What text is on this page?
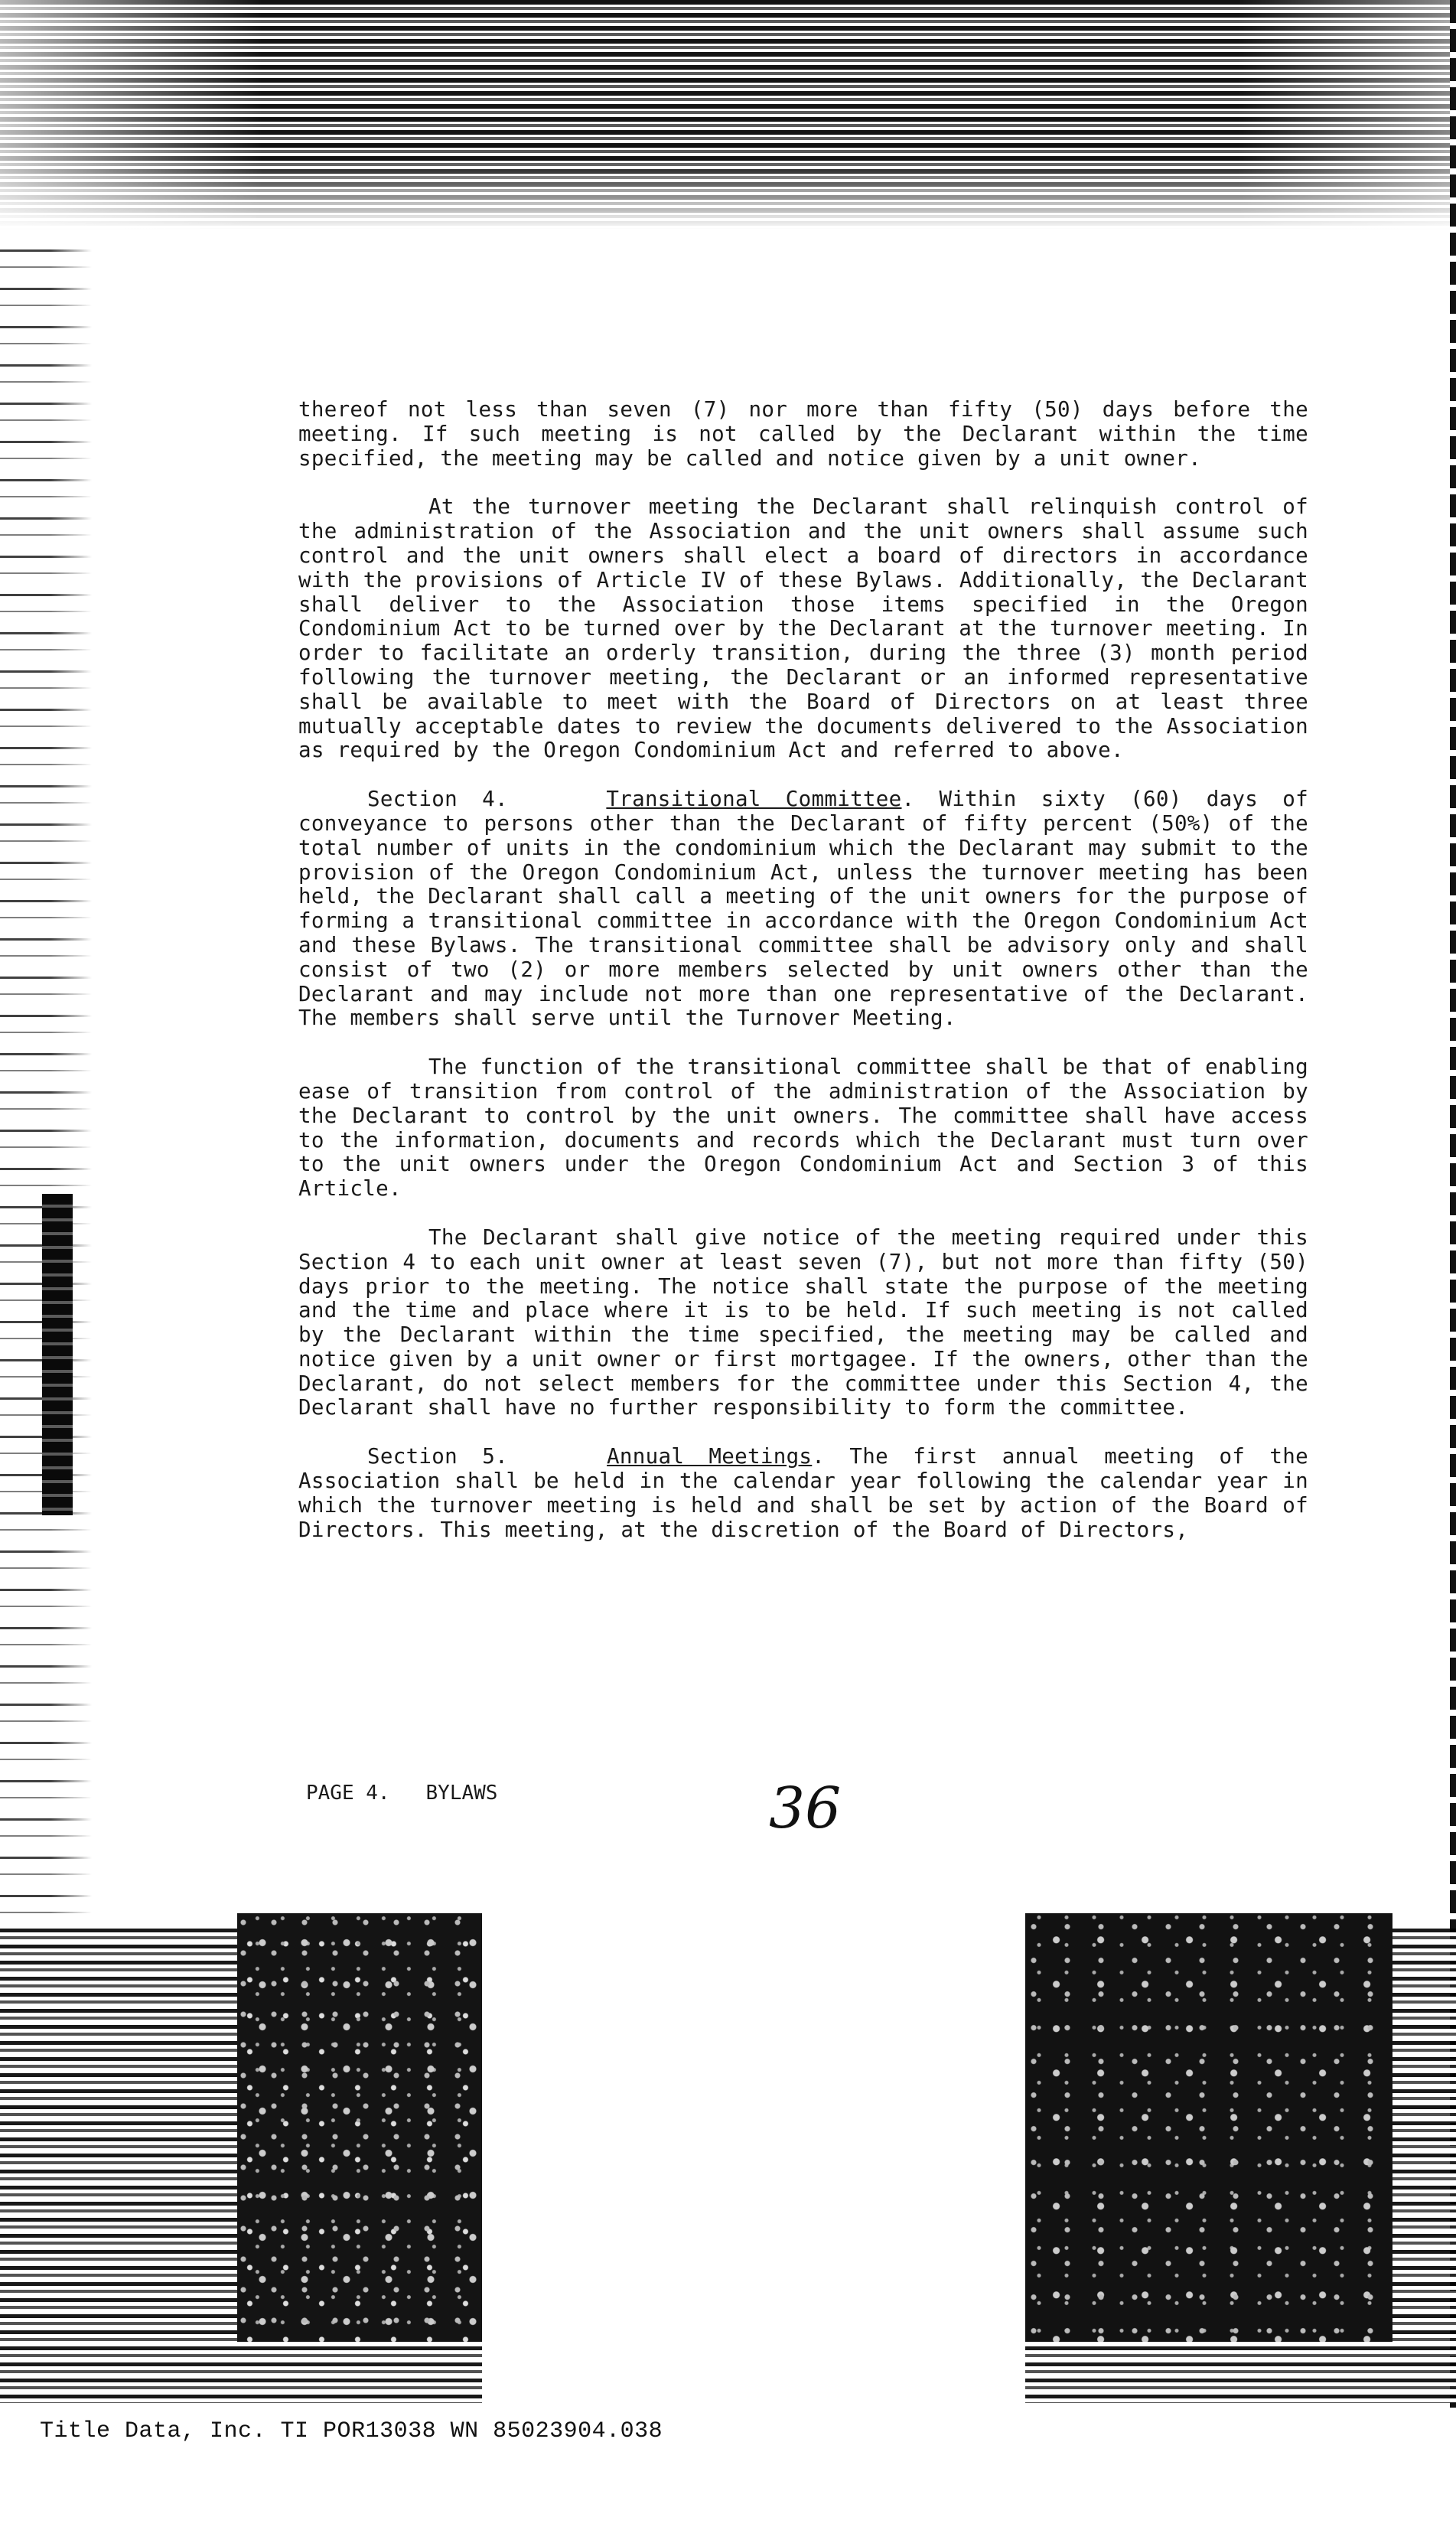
thereof not less than seven (7) nor more than fifty (50) days before the meeting. If such meeting is not called by the Declarant within the time specified, the meeting may be called and notice given by a unit owner.

At the turnover meeting the Declarant shall relinquish control of the administration of the Association and the unit owners shall assume such control and the unit owners shall elect a board of directors in accordance with the provisions of Article IV of these Bylaws. Additionally, the Declarant shall deliver to the Association those items specified in the Oregon Condominium Act to be turned over by the Declarant at the turnover meeting. In order to facilitate an orderly transition, during the three (3) month period following the turnover meeting, the Declarant or an informed representative shall be available to meet with the Board of Directors on at least three mutually acceptable dates to review the documents delivered to the Association as required by the Oregon Condominium Act and referred to above.

Section 4.	Transitional Committee. Within sixty (60) days of conveyance to persons other than the Declarant of fifty percent (50%) of the total number of units in the condominium which the Declarant may submit to the provision of the Oregon Condominium Act, unless the turnover meeting has been held, the Declarant shall call a meeting of the unit owners for the purpose of forming a transitional committee in accordance with the Oregon Condominium Act and these Bylaws. The transitional committee shall be advisory only and shall consist of two (2) or more members selected by unit owners other than the Declarant and may include not more than one representative of the Declarant. The members shall serve until the Turnover Meeting.

The function of the transitional committee shall be that of enabling ease of transition from control of the administration of the Association by the Declarant to control by the unit owners. The committee shall have access to the information, documents and records which the Declarant must turn over to the unit owners under the Oregon Condominium Act and Section 3 of this Article.

The Declarant shall give notice of the meeting required under this Section 4 to each unit owner at least seven (7), but not more than fifty (50) days prior to the meeting. The notice shall state the purpose of the meeting and the time and place where it is to be held. If such meeting is not called by the Declarant within the time specified, the meeting may be called and notice given by a unit owner or first mortgagee. If the owners, other than the Declarant, do not select members for the committee under this Section 4, the Declarant shall have no further responsibility to form the committee.

Section 5.	Annual Meetings. The first annual meeting of the Association shall be held in the calendar year following the calendar year in which the turnover meeting is held and shall be set by action of the Board of Directors. This meeting, at the discretion of the Board of Directors,

PAGE 4.   BYLAWS	36
Title Data, Inc. TI POR13038 WN 85023904.038
